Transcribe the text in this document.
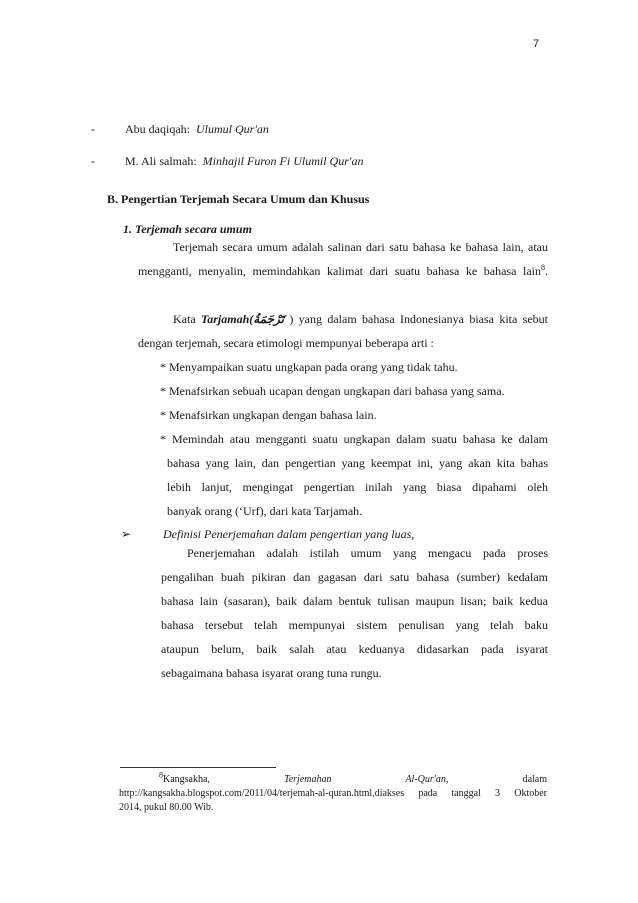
7
-	Abu daqiqah: Ulumul Qur'an
-	M. Ali salmah: Minhajil Furon Fi Ulumil Qur'an
B. Pengertian Terjemah Secara Umum dan Khusus
1. Terjemah secara umum
Terjemah secara umum adalah salinan dari satu bahasa ke bahasa lain, atau
mengganti, menyalin, memindahkan kalimat dari suatu bahasa ke bahasa lain$^8$.
Kata Tarjamah(تَرْجَمَةُ ) yang dalam bahasa Indonesianya biasa kita sebut
dengan terjemah, secara etimologi mempunyai beberapa arti :
* Menyampaikan suatu ungkapan pada orang yang tidak tahu.
* Menafsirkan sebuah ucapan dengan ungkapan dari bahasa yang sama.
* Menafsirkan ungkapan dengan bahasa lain.
* Memindah atau mengganti suatu ungkapan dalam suatu bahasa ke dalam
bahasa yang lain, dan pengertian yang keempat ini, yang akan kita bahas
lebih lanjut, mengingat pengertian inilah yang biasa dipahami oleh
banyak orang (‘Urf), dari kata Tarjamah.
➢	Definisi Penerjemahan dalam pengertian yang luas,
Penerjemahan adalah istilah umum yang mengacu pada proses
pengalihan buah pikiran dan gagasan dari satu bahasa (sumber) kedalam
bahasa lain (sasaran), baik dalam bentuk tulisan maupun lisan; baik kedua
bahasa tersebut telah mempunyai sistem penulisan yang telah baku
ataupun belum, baik salah atau keduanya didasarkan pada isyarat
sebagaimana bahasa isyarat orang tuna rungu.
$^8$Kangsakha,	Terjemahan Al-Qur'an,	dalam
http://kangsakha.blogspot.com/2011/04/terjemah-al-quran.html,diakses pada tanggal 3 Oktober
2014, pukul 80.00 Wib.
